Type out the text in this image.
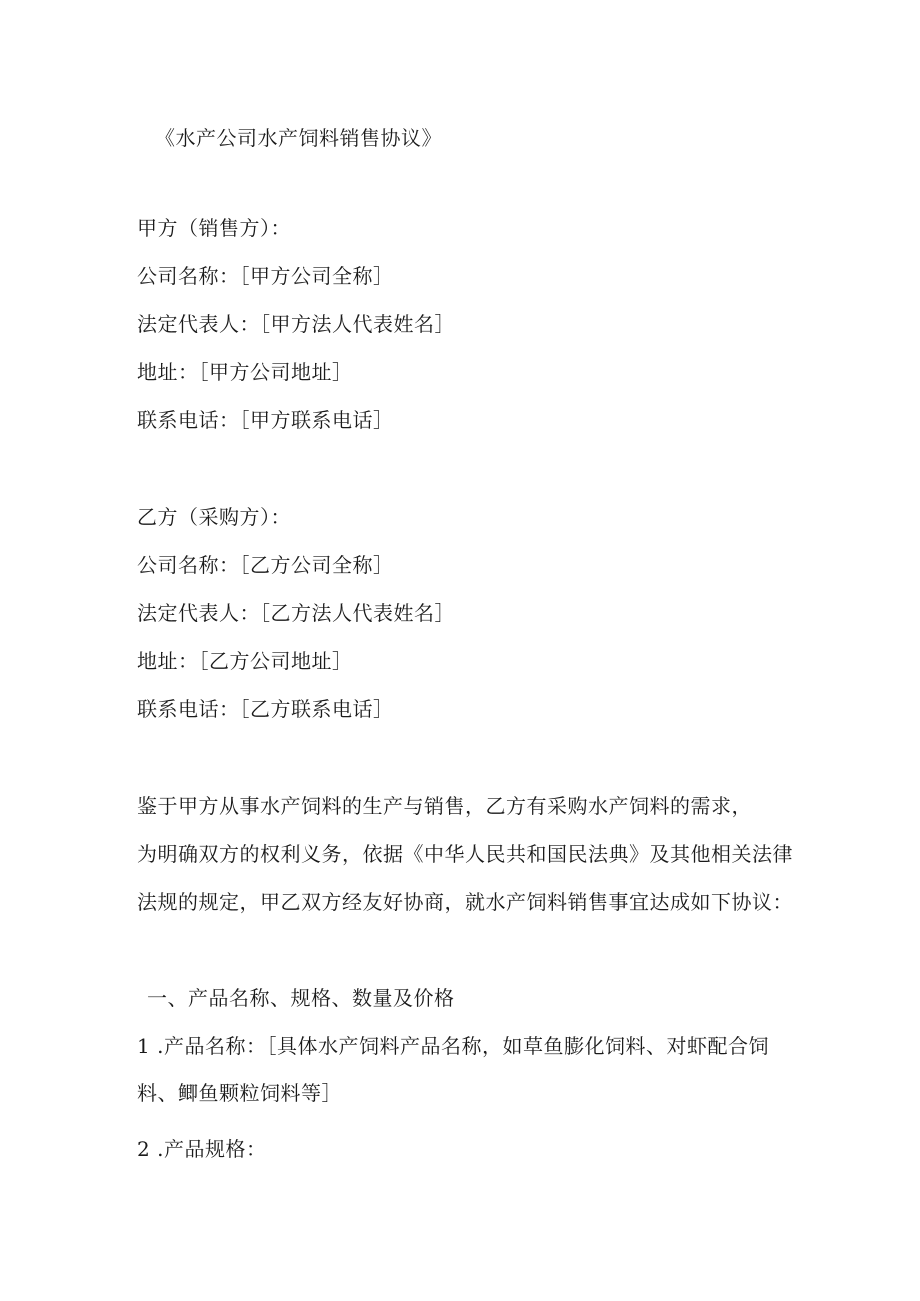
《水产公司水产饲料销售协议》
甲方（销售方）：
公司名称：［甲方公司全称］
法定代表人：［甲方法人代表姓名］
地址：［甲方公司地址］
联系电话：［甲方联系电话］
乙方（采购方）：
公司名称：［乙方公司全称］
法定代表人：［乙方法人代表姓名］
地址：［乙方公司地址］
联系电话：［乙方联系电话］
鉴于甲方从事水产饲料的生产与销售，乙方有采购水产饲料的需求，
为明确双方的权利义务，依据《中华人民共和国民法典》及其他相关法律
法规的规定，甲乙双方经友好协商，就水产饲料销售事宜达成如下协议：
一、产品名称、规格、数量及价格
1 .产品名称：［具体水产饲料产品名称，如草鱼膨化饲料、对虾配合饲
料、鲫鱼颗粒饲料等］
2 .产品规格：
